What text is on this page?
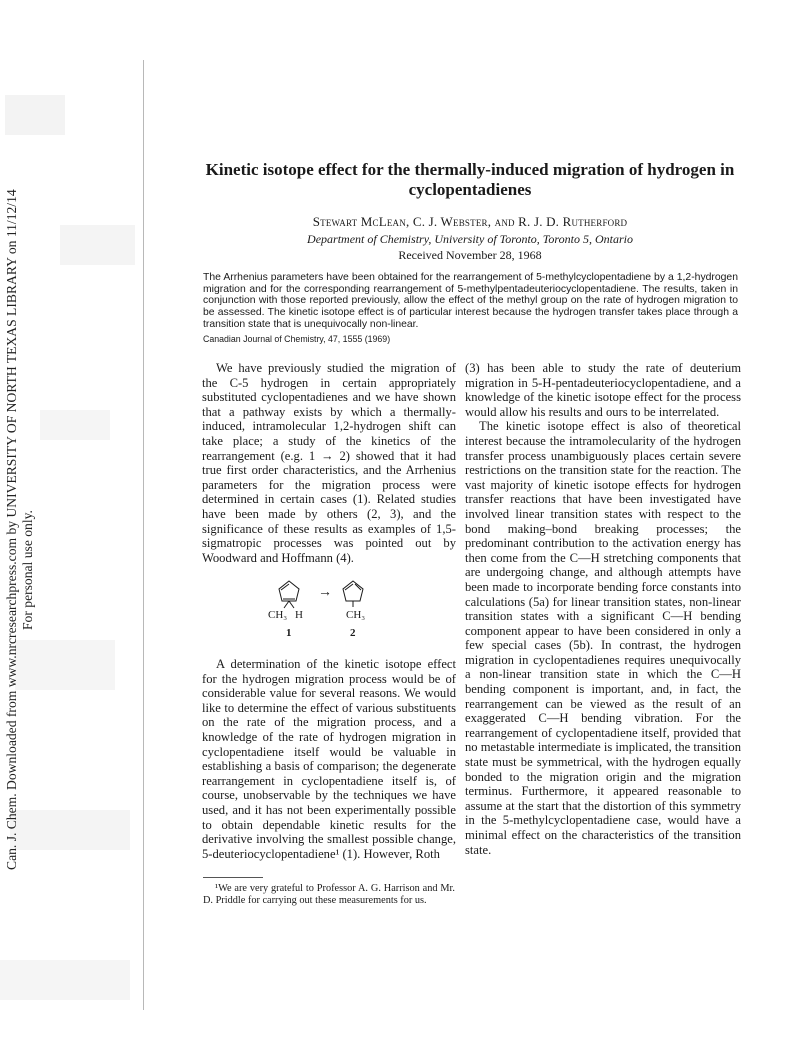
Can. J. Chem. Downloaded from www.nrcresearchpress.com by UNIVERSITY OF NORTH TEXAS LIBRARY on 11/12/14 For personal use only.
Kinetic isotope effect for the thermally-induced migration of hydrogen in cyclopentadienes
Stewart McLean, C. J. Webster, and R. J. D. Rutherford
Department of Chemistry, University of Toronto, Toronto 5, Ontario
Received November 28, 1968
The Arrhenius parameters have been obtained for the rearrangement of 5-methylcyclopentadiene by a 1,2-hydrogen migration and for the corresponding rearrangement of 5-methylpentadeuteriocyclopentadiene. The results, taken in conjunction with those reported previously, allow the effect of the methyl group on the rate of hydrogen migration to be assessed. The kinetic isotope effect is of particular interest because the hydrogen transfer takes place through a transition state that is unequivocally non-linear.
Canadian Journal of Chemistry, 47, 1555 (1969)

We have previously studied the migration of the C-5 hydrogen in certain appropriately substituted cyclopentadienes and we have shown that a pathway exists by which a thermally-induced, intramolecular 1,2-hydrogen shift can take place; a study of the kinetics of the rearrangement (e.g. 1 → 2) showed that it had true first order characteristics, and the Arrhenius parameters for the migration process were determined in certain cases (1). Related studies have been made by others (2, 3), and the significance of these results as examples of 1,5-sigmatropic processes was pointed out by Woodward and Hoffmann (4).

CH₃ H
→
CH₃
1	2

A determination of the kinetic isotope effect for the hydrogen migration process would be of considerable value for several reasons. We would like to determine the effect of various substituents on the rate of the migration process, and a knowledge of the rate of hydrogen migration in cyclopentadiene itself would be valuable in establishing a basis of comparison; the degenerate rearrangement in cyclopentadiene itself is, of course, unobservable by the techniques we have used, and it has not been experimentally possible to obtain dependable kinetic results for the derivative involving the smallest possible change, 5-deuteriocyclopentadiene¹ (1). However, Roth

¹We are very grateful to Professor A. G. Harrison and Mr. D. Priddle for carrying out these measurements for us.

(3) has been able to study the rate of deuterium migration in 5-H-pentadeuteriocyclopentadiene, and a knowledge of the kinetic isotope effect for the process would allow his results and ours to be interrelated.

The kinetic isotope effect is also of theoretical interest because the intramolecularity of the hydrogen transfer process unambiguously places certain severe restrictions on the transition state for the reaction. The vast majority of kinetic isotope effects for hydrogen transfer reactions that have been investigated have involved linear transition states with respect to the bond making–bond breaking processes; the predominant contribution to the activation energy has then come from the C—H stretching components that are undergoing change, and although attempts have been made to incorporate bending force constants into calculations (5a) for linear transition states, non-linear transition states with a significant C—H bending component appear to have been considered in only a few special cases (5b). In contrast, the hydrogen migration in cyclopentadienes requires unequivocally a non-linear transition state in which the C—H bending component is important, and, in fact, the rearrangement can be viewed as the result of an exaggerated C—H bending vibration. For the rearrangement of cyclopentadiene itself, provided that no metastable intermediate is implicated, the transition state must be symmetrical, with the hydrogen equally bonded to the migration origin and the migration terminus. Furthermore, it appeared reasonable to assume at the start that the distortion of this symmetry in the 5-methylcyclopentadiene case, would have a minimal effect on the characteristics of the transition state.
